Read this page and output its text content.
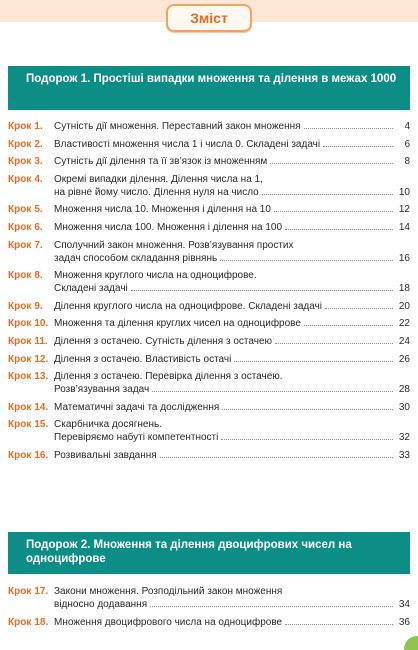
Зміст
Подорож 1. Простіші випадки множення та ділення в межах 1000
Крок 1.	Сутність дії множення. Переставний закон множення	4
Крок 2.	Властивості множення числа 1 і числа 0. Складені задачі	6
Крок 3.	Сутність дії ділення та її зв’язок із множенням	8
Крок 4.	Окремі випадки ділення. Ділення числа на 1,
на рівне йому число. Ділення нуля на число	10
Крок 5.	Множення числа 10. Множення і ділення на 10	12
Крок 6.	Множення числа 100. Множення і ділення на 100	14
Крок 7.	Сполучний закон множення. Розв’язування простих
задач способом складання рівнянь	16
Крок 8.	Множення круглого числа на одноцифрове.
Складені задачі	18
Крок 9.	Ділення круглого числа на одноцифрове. Складені задачі	20
Крок 10. Множення та ділення круглих чисел на одноцифрове	22
Крок 11. Ділення з остачею. Сутність ділення з остачею	24
Крок 12. Ділення з остачею. Властивість остачі	26
Крок 13. Ділення з остачею. Перевірка ділення з остачею.
Розв’язування задач	28
Крок 14. Математичні задачі та дослідження	30
Крок 15. Скарбничка досягнень.
Перевіряємо набуті компетентності	32
Крок 16. Розвивальні завдання	33
Подорож 2. Множення та ділення двоцифрових чисел на одноцифрове
Крок 17. Закони множення. Розподільний закон множення
відносно додавання	34
Крок 18. Множення двоцифрового числа на одноцифрове	36
